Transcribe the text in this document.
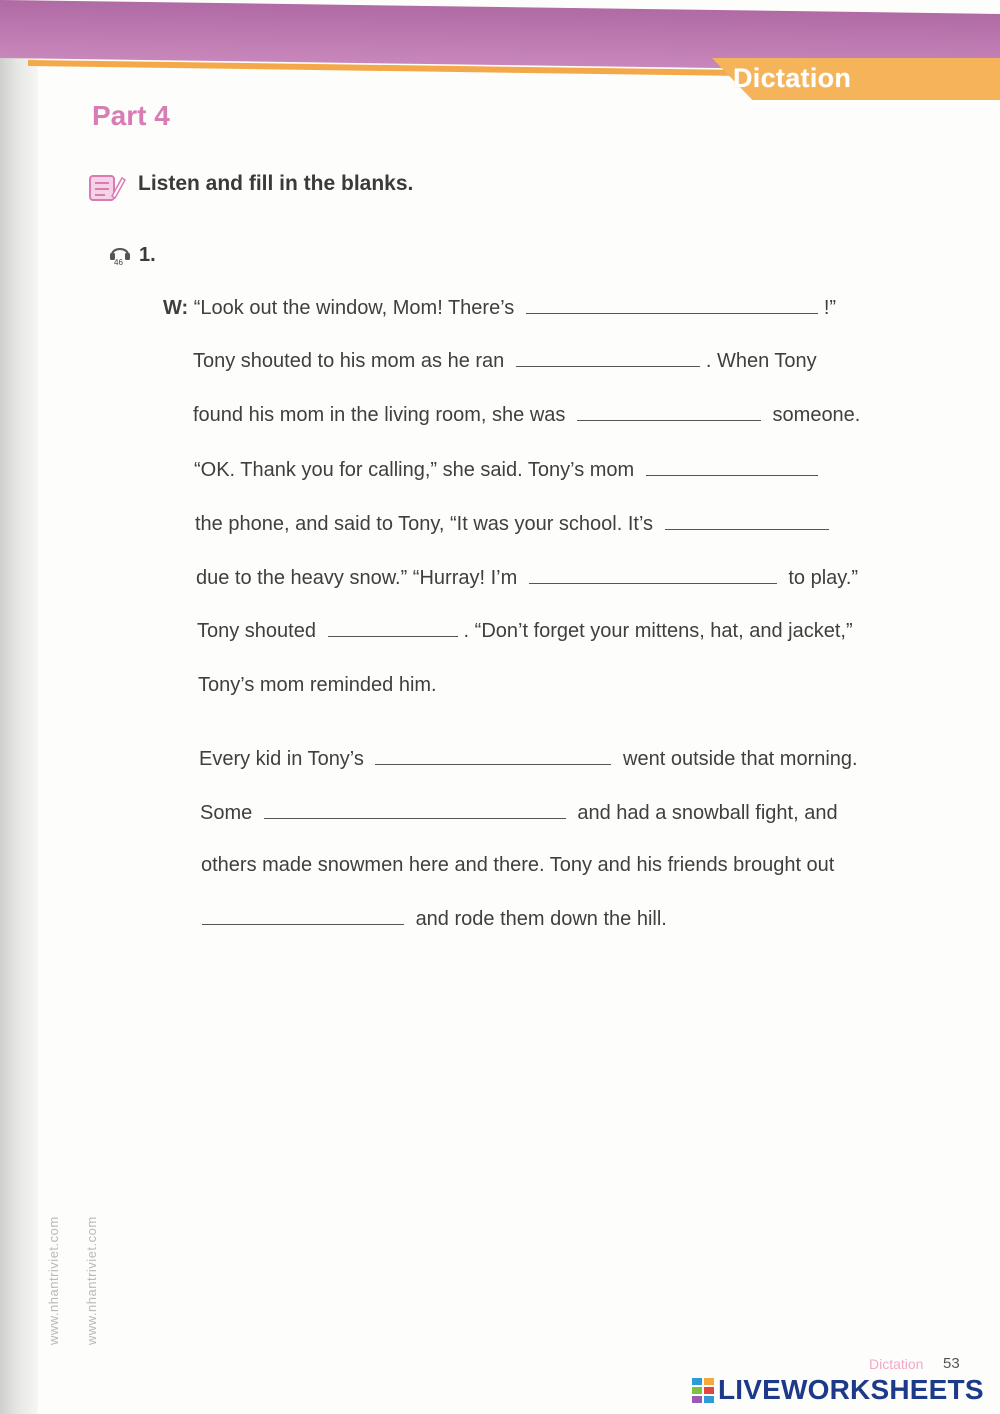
Dictation
Part 4
Listen and fill in the blanks.
46 1.
W: “Look out the window, Mom! There’s	!”
Tony shouted to his mom as he ran	. When Tony
found his mom in the living room, she was	someone.
“OK. Thank you for calling,” she said. Tony’s mom
the phone, and said to Tony, “It was your school. It’s
due to the heavy snow.” “Hurray! I’m	to play.”
Tony shouted	. “Don’t forget your mittens, hat, and jacket,”
Tony’s mom reminded him.
Every kid in Tony’s	went outside that morning.
Some	and had a snowball fight, and
others made snowmen here and there. Tony and his friends brought out
and rode them down the hill.
www.nhantriviet.com www.nhantriviet.com
Dictation 53
LIVEWORKSHEETS
